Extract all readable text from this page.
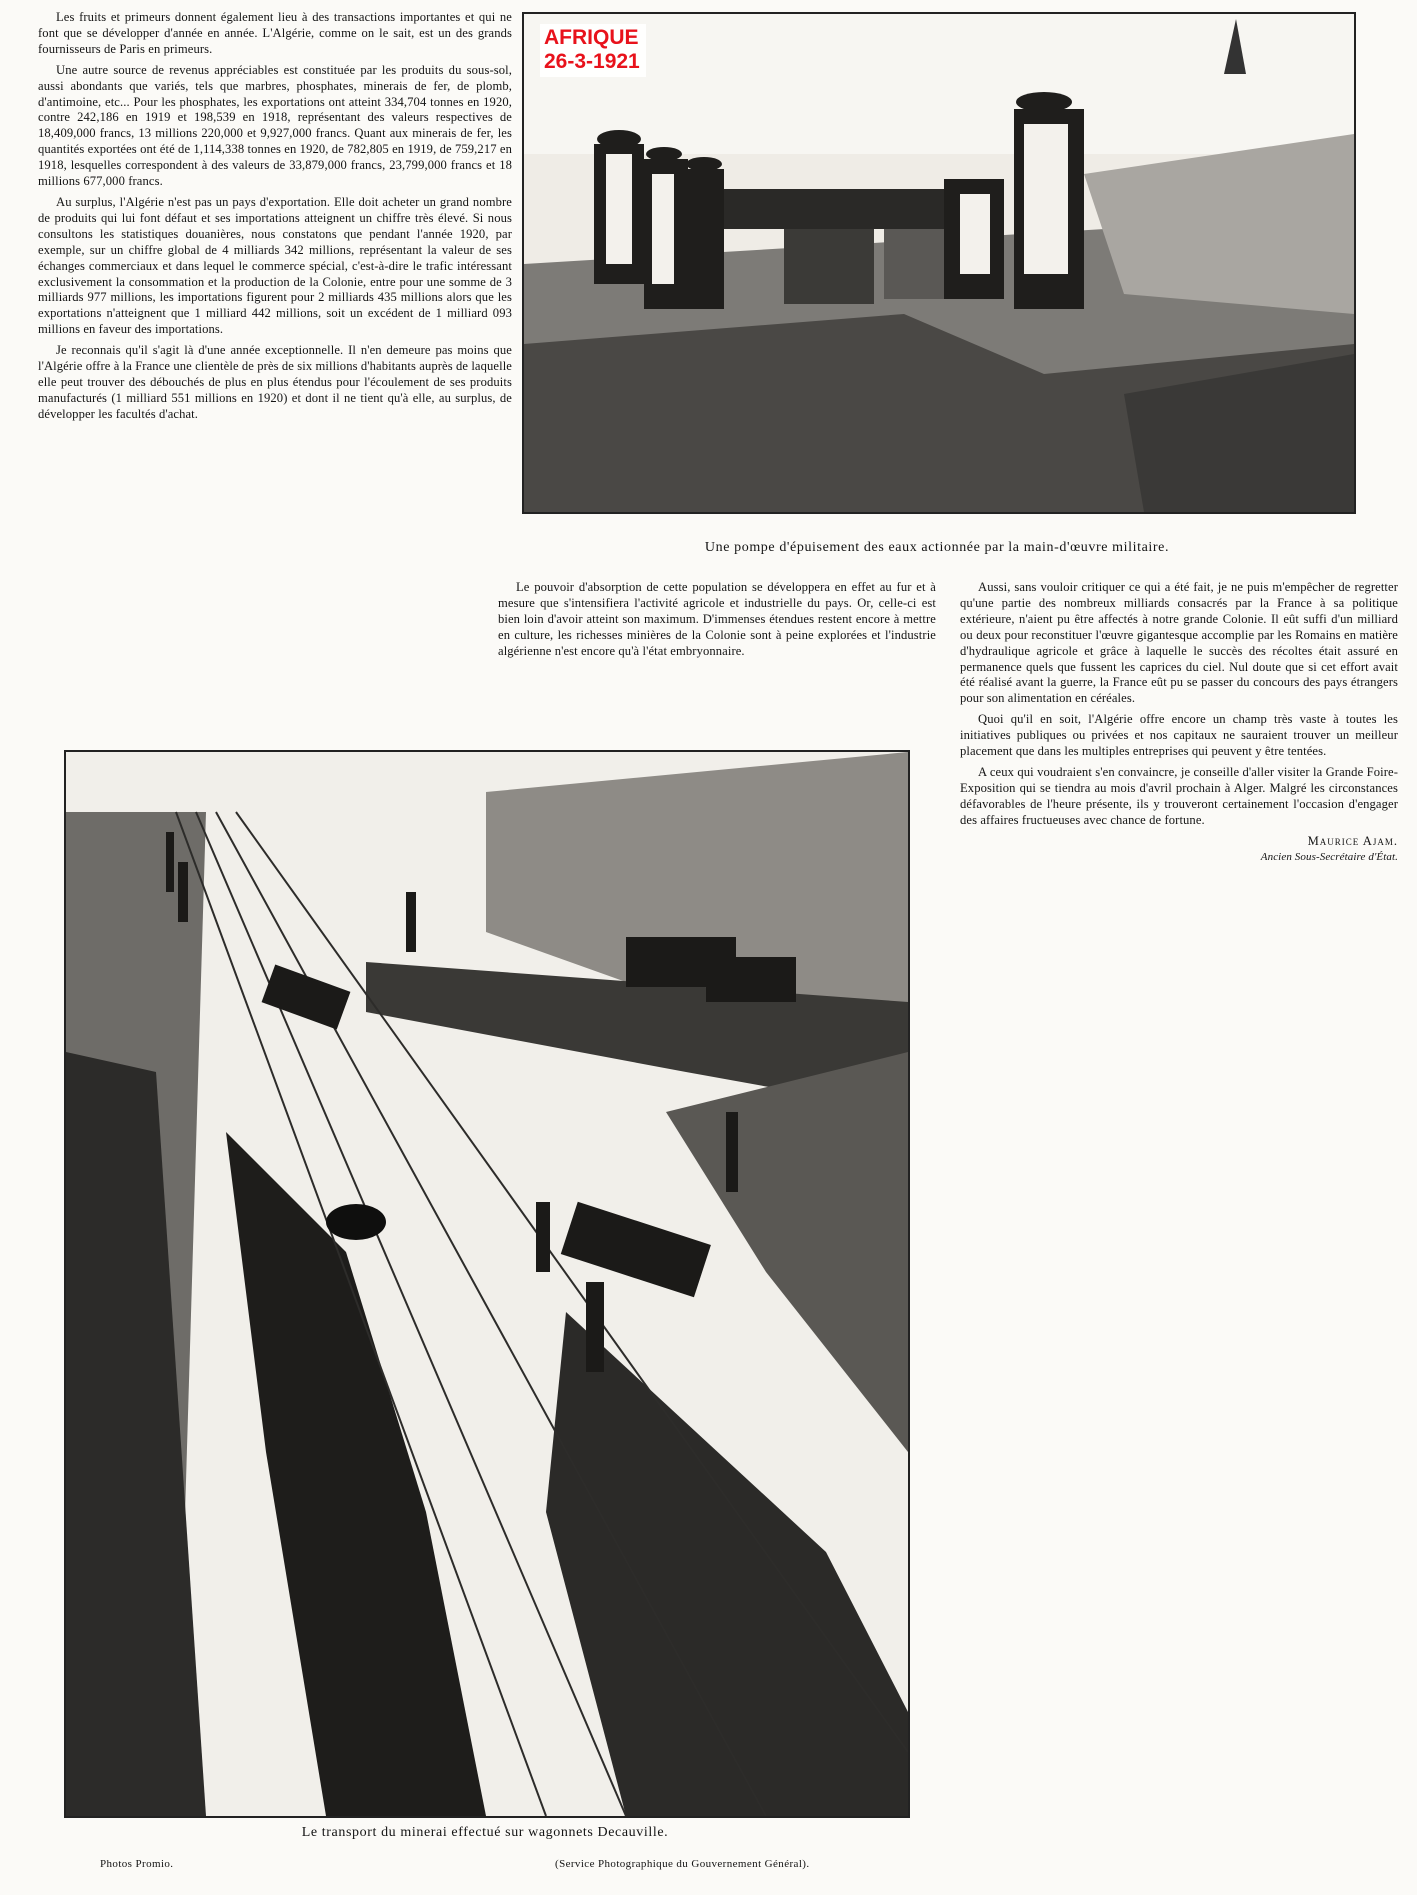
Les fruits et primeurs donnent également lieu à des transactions importantes et qui ne font que se développer d'année en année. L'Algérie, comme on le sait, est un des grands fournisseurs de Paris en primeurs.

Une autre source de revenus appréciables est constituée par les produits du sous-sol, aussi abondants que variés, tels que marbres, phosphates, minerais de fer, de plomb, d'antimoine, etc... Pour les phosphates, les exportations ont atteint 334,704 tonnes en 1920, contre 242,186 en 1919 et 198,539 en 1918, représentant des valeurs respectives de 18,409,000 francs, 13 millions 220,000 et 9,927,000 francs. Quant aux minerais de fer, les quantités exportées ont été de 1,114,338 tonnes en 1920, de 782,805 en 1919, de 759,217 en 1918, lesquelles correspondent à des valeurs de 33,879,000 francs, 23,799,000 francs et 18 millions 677,000 francs.

Au surplus, l'Algérie n'est pas un pays d'exportation. Elle doit acheter un grand nombre de produits qui lui font défaut et ses importations atteignent un chiffre très élevé. Si nous consultons les statistiques douanières, nous constatons que pendant l'année 1920, par exemple, sur un chiffre global de 4 milliards 342 millions, représentant la valeur de ses échanges commerciaux et dans lequel le commerce spécial, c'est-à-dire le trafic intéressant exclusivement la consommation et la production de la Colonie, entre pour une somme de 3 milliards 977 millions, les importations figurent pour 2 milliards 435 millions alors que les exportations n'atteignent que 1 milliard 442 millions, soit un excédent de 1 milliard 093 millions en faveur des importations.

Je reconnais qu'il s'agit là d'une année exceptionnelle. Il n'en demeure pas moins que l'Algérie offre à la France une clientèle de près de six millions d'habitants auprès de laquelle elle peut trouver des débouchés de plus en plus étendus pour l'écoulement de ses produits manufacturés (1 milliard 551 millions en 1920) et dont il ne tient qu'à elle, au surplus, de développer les facultés d'achat.

AFRIQUE
26-3-1921
Une pompe d'épuisement des eaux actionnée par la main-d'œuvre militaire.

Le pouvoir d'absorption de cette population se développera en effet au fur et à mesure que s'intensifiera l'activité agricole et industrielle du pays. Or, celle-ci est bien loin d'avoir atteint son maximum. D'immenses étendues restent encore à mettre en culture, les richesses minières de la Colonie sont à peine explorées et l'industrie algérienne n'est encore qu'à l'état embryonnaire.

Aussi, sans vouloir critiquer ce qui a été fait, je ne puis m'empêcher de regretter qu'une partie des nombreux milliards consacrés par la France à sa politique extérieure, n'aient pu être affectés à notre grande Colonie. Il eût suffi d'un milliard ou deux pour reconstituer l'œuvre gigantesque accomplie par les Romains en matière d'hydraulique agricole et grâce à laquelle le succès des récoltes était assuré en permanence quels que fussent les caprices du ciel. Nul doute que si cet effort avait été réalisé avant la guerre, la France eût pu se passer du concours des pays étrangers pour son alimentation en céréales.

Quoi qu'il en soit, l'Algérie offre encore un champ très vaste à toutes les initiatives publiques ou privées et nos capitaux ne sauraient trouver un meilleur placement que dans les multiples entreprises qui peuvent y être tentées.

A ceux qui voudraient s'en convaincre, je conseille d'aller visiter la Grande Foire-Exposition qui se tiendra au mois d'avril prochain à Alger. Malgré les circonstances défavorables de l'heure présente, ils y trouveront certainement l'occasion d'engager des affaires fructueuses avec chance de fortune.

Maurice Ajam.
Ancien Sous-Secrétaire d'État.
Le transport du minerai effectué sur wagonnets Decauville.
Photos Promio.	(Service Photographique du Gouvernement Général).
